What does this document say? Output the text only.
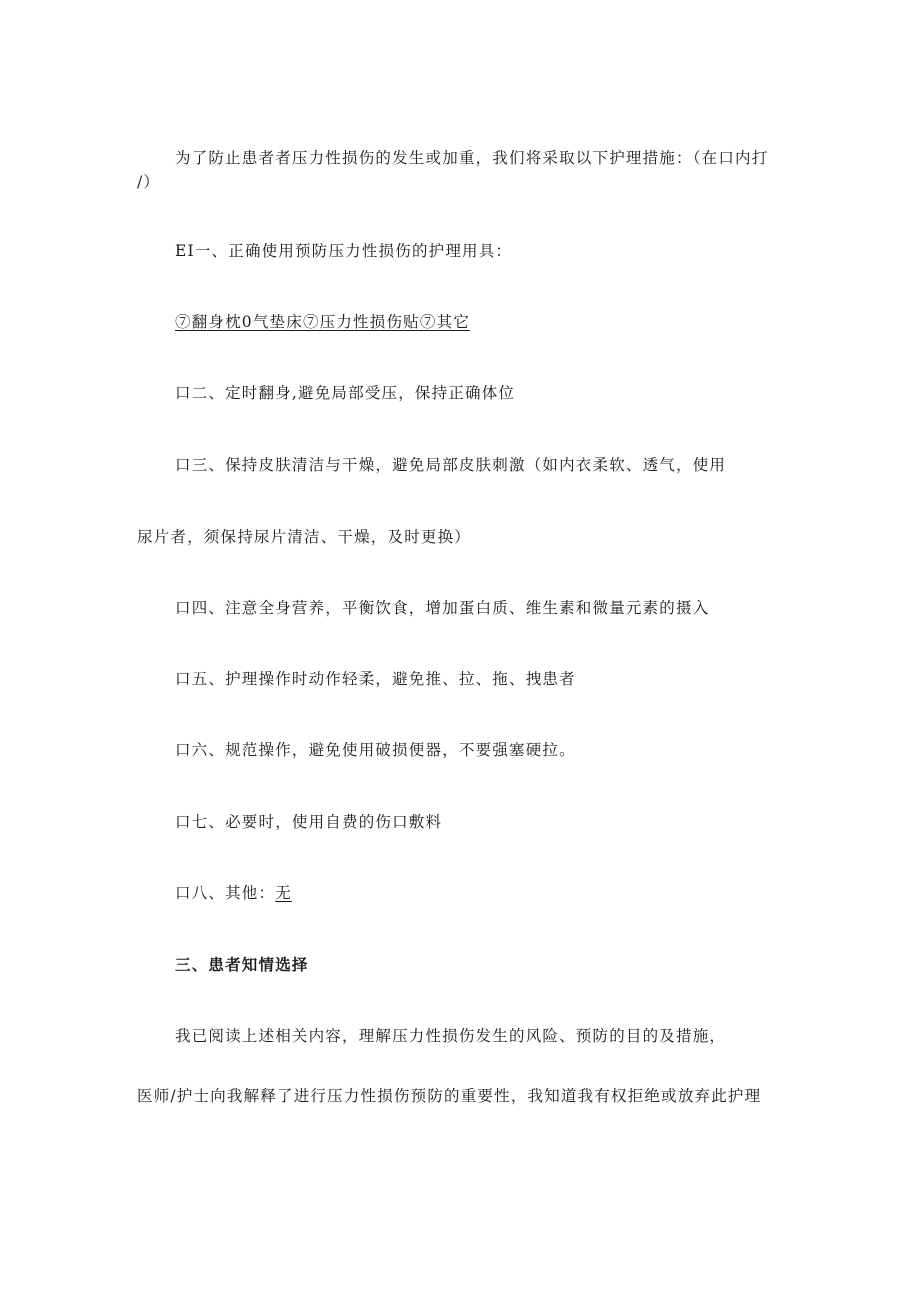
为了防止患者者压力性损伤的发生或加重，我们将采取以下护理措施：（在口内打
/）
EI一、正确使用预防压力性损伤的护理用具：
⑦翻身枕0气垫床⑦压力性损伤贴⑦其它
口二、定时翻身,避免局部受压，保持正确体位
口三、保持皮肤清洁与干燥，避免局部皮肤刺激（如内衣柔软、透气，使用
尿片者，须保持尿片清洁、干燥，及时更换）
口四、注意全身营养，平衡饮食，增加蛋白质、维生素和微量元素的摄入
口五、护理操作时动作轻柔，避免推、拉、拖、拽患者
口六、规范操作，避免使用破损便器，不要强塞硬拉。
口七、必要时，使用自费的伤口敷料
口八、其他：无
三、患者知情选择
我已阅读上述相关内容，理解压力性损伤发生的风险、预防的目的及措施，
医师/护士向我解释了进行压力性损伤预防的重要性，我知道我有权拒绝或放弃此护理
